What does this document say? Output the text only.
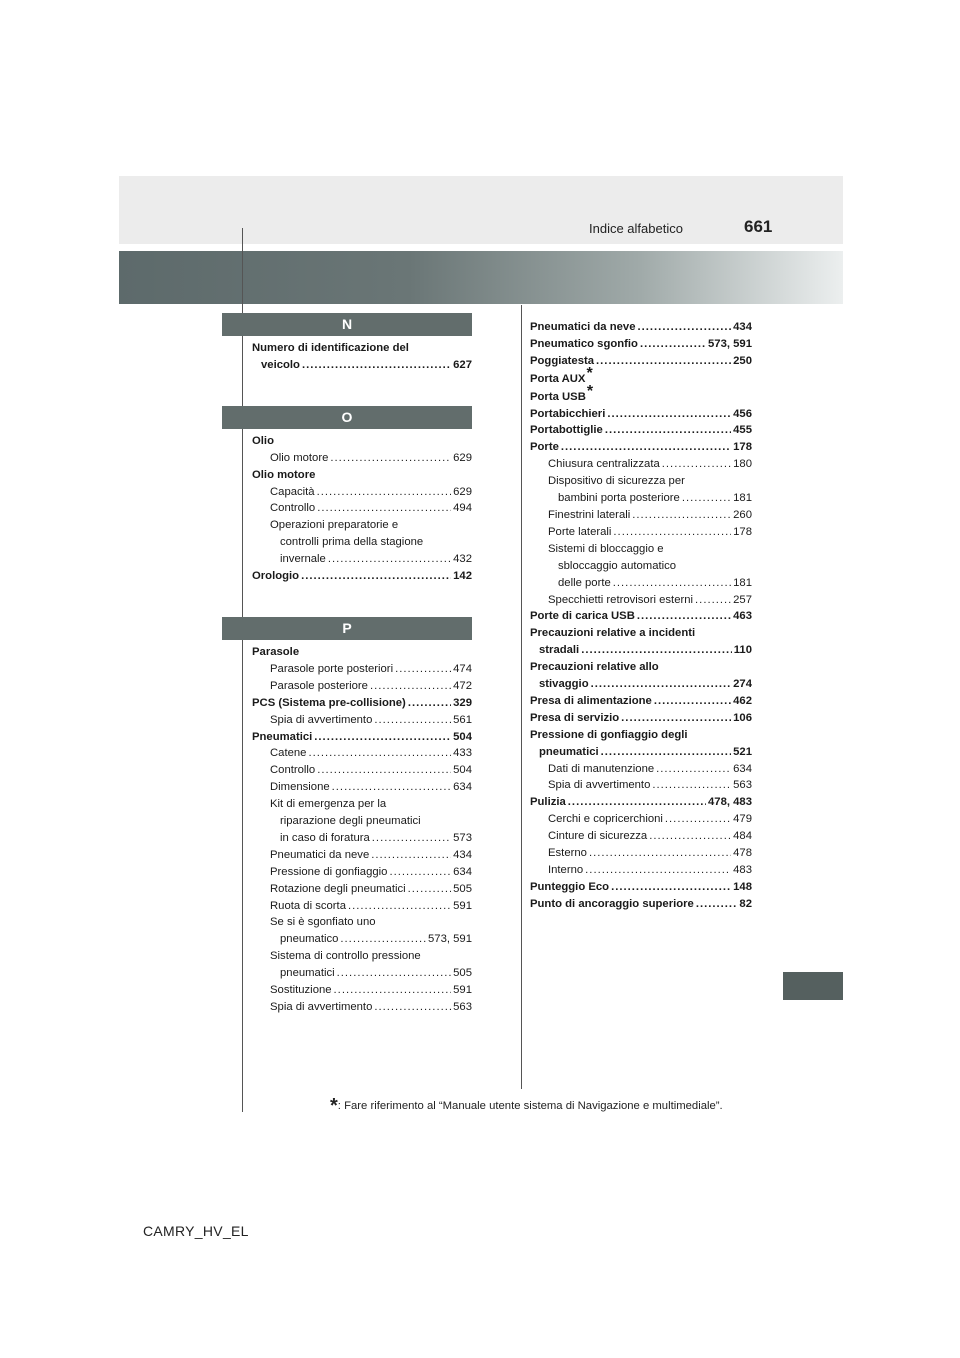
Indice alfabetico	661
N
Numero di identificazione del
veicolo .....	627
O
Olio
Olio motore .....	629
Olio motore
Capacità .....	629
Controllo .....	494
Operazioni preparatorie e
controlli prima della stagione
invernale .....	432
Orologio .....	142
P
Parasole
Parasole porte posteriori .....	474
Parasole posteriore .....	472
PCS (Sistema pre-collisione) .....	329
Spia di avvertimento .....	561
Pneumatici .....	504
Catene .....	433
Controllo .....	504
Dimensione .....	634
Kit di emergenza per la
riparazione degli pneumatici
in caso di foratura .....	573
Pneumatici da neve .....	434
Pressione di gonfiaggio .....	634
Rotazione degli pneumatici .....	505
Ruota di scorta .....	591
Se si è sgonfiato uno
pneumatico .....	573, 591
Sistema di controllo pressione
pneumatici .....	505
Sostituzione .....	591
Spia di avvertimento .....	563
Pneumatici da neve .....	434
Pneumatico sgonfio .....	573, 591
Poggiatesta .....	250
Porta AUX*
Porta USB*
Portabicchieri .....	456
Portabottiglie .....	455
Porte .....	178
Chiusura centralizzata .....	180
Dispositivo di sicurezza per
bambini porta posteriore .....	181
Finestrini laterali .....	260
Porte laterali .....	178
Sistemi di bloccaggio e
sbloccaggio automatico
delle porte .....	181
Specchietti retrovisori esterni .....	257
Porte di carica USB .....	463
Precauzioni relative a incidenti
stradali .....	110
Precauzioni relative allo
stivaggio .....	274
Presa di alimentazione .....	462
Presa di servizio .....	106
Pressione di gonfiaggio degli
pneumatici .....	521
Dati di manutenzione .....	634
Spia di avvertimento .....	563
Pulizia .....	478, 483
Cerchi e copricerchioni .....	479
Cinture di sicurezza .....	484
Esterno .....	478
Interno .....	483
Punteggio Eco .....	148
Punto di ancoraggio superiore .....	82
*: Fare riferimento al “Manuale utente sistema di Navigazione e multimediale”.
CAMRY_HV_EL
